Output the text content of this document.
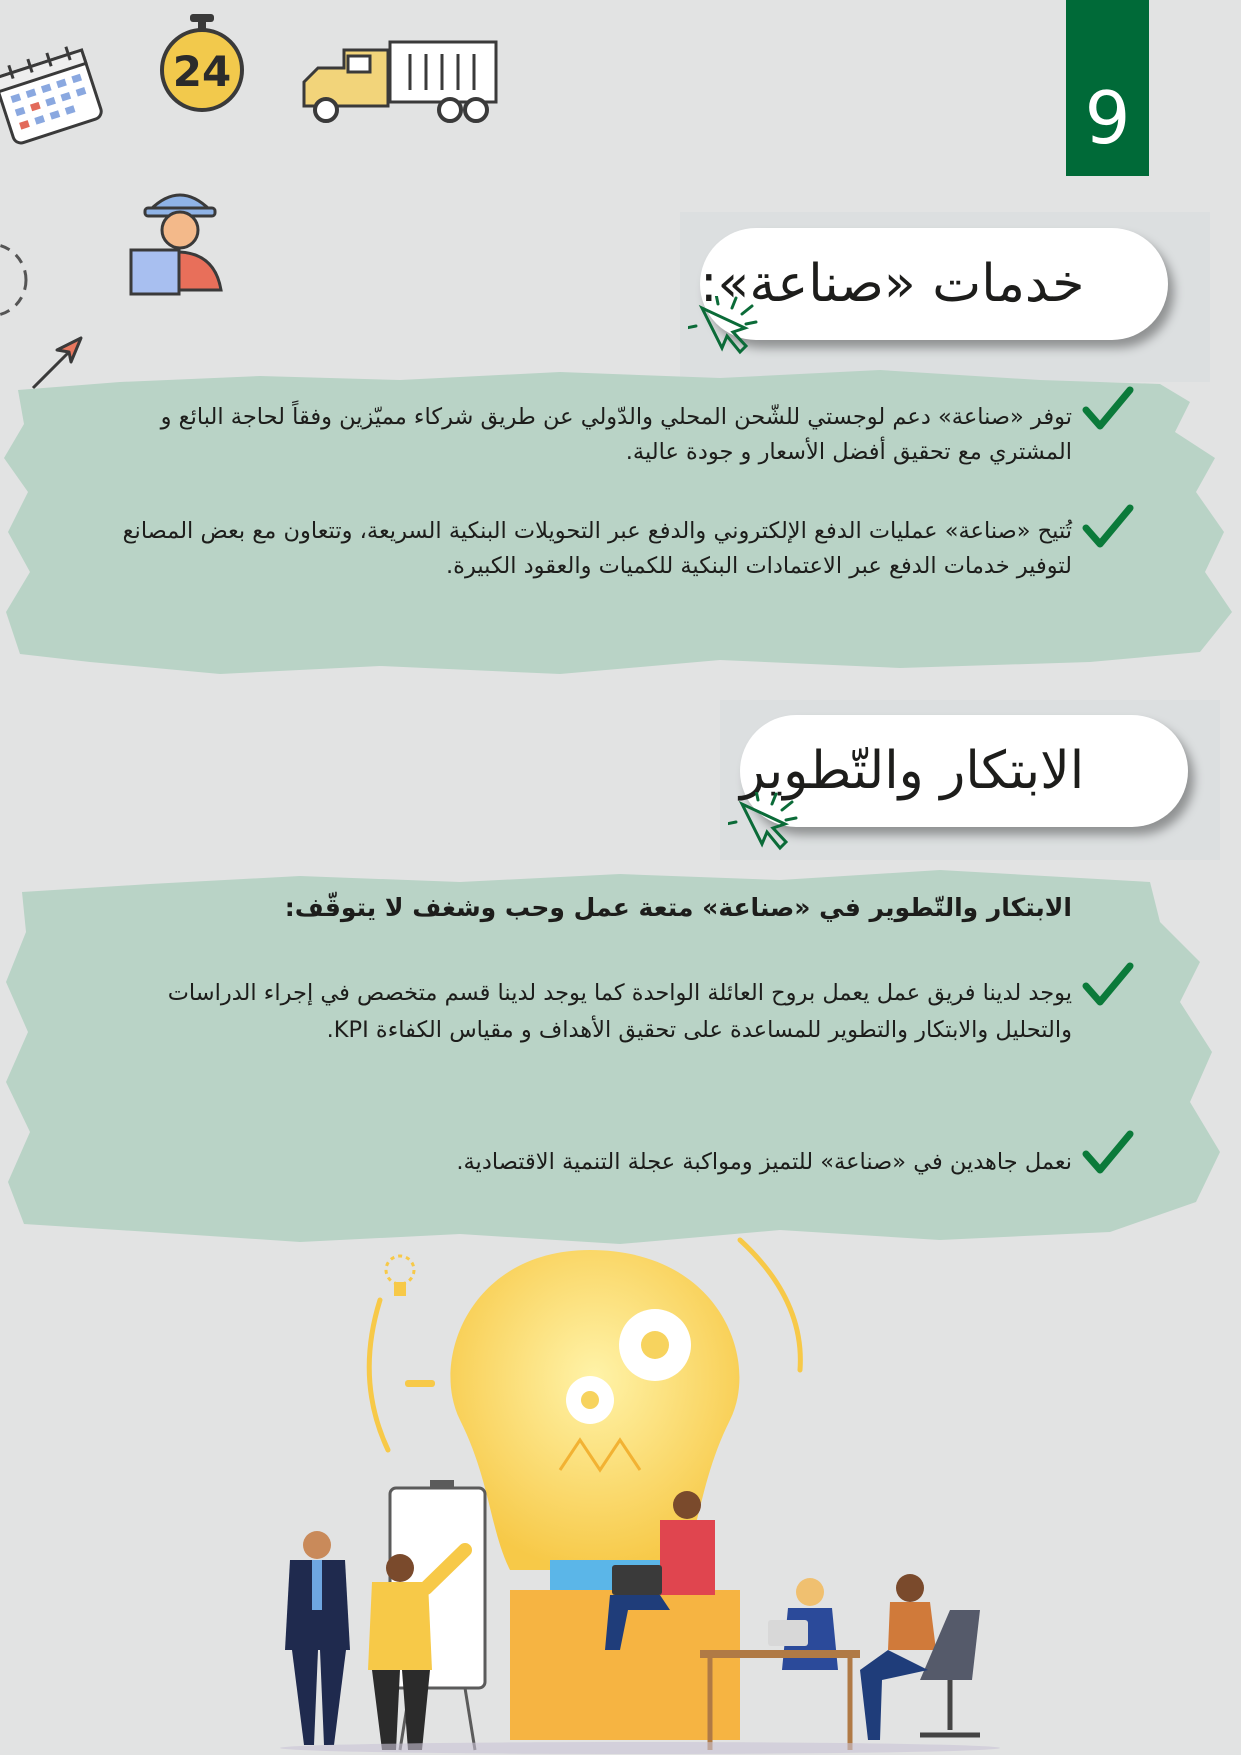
9
24
خدمات «صناعة»:
توفر «صناعة» دعم لوجستي للشّحن المحلي والدّولي عن طريق شركاء مميّزين وفقاً لحاجة البائع و المشتري مع تحقيق أفضل الأسعار و جودة عالية.
تُتيح «صناعة» عمليات الدفع الإلكتروني والدفع عبر التحويلات البنكية السريعة، وتتعاون مع بعض المصانع لتوفير خدمات الدفع عبر الاعتمادات البنكية للكميات والعقود الكبيرة.
الابتكار والتّطوير
الابتكار والتّطوير في «صناعة» متعة عمل وحب وشغف لا يتوقّف:
يوجد لدينا فريق عمل يعمل بروح العائلة الواحدة كما يوجد لدينا قسم متخصص في إجراء الدراسات والتحليل والابتكار والتطوير للمساعدة على تحقيق الأهداف و مقياس الكفاءة KPI.
نعمل جاهدين في «صناعة» للتميز ومواكبة عجلة التنمية الاقتصادية.
